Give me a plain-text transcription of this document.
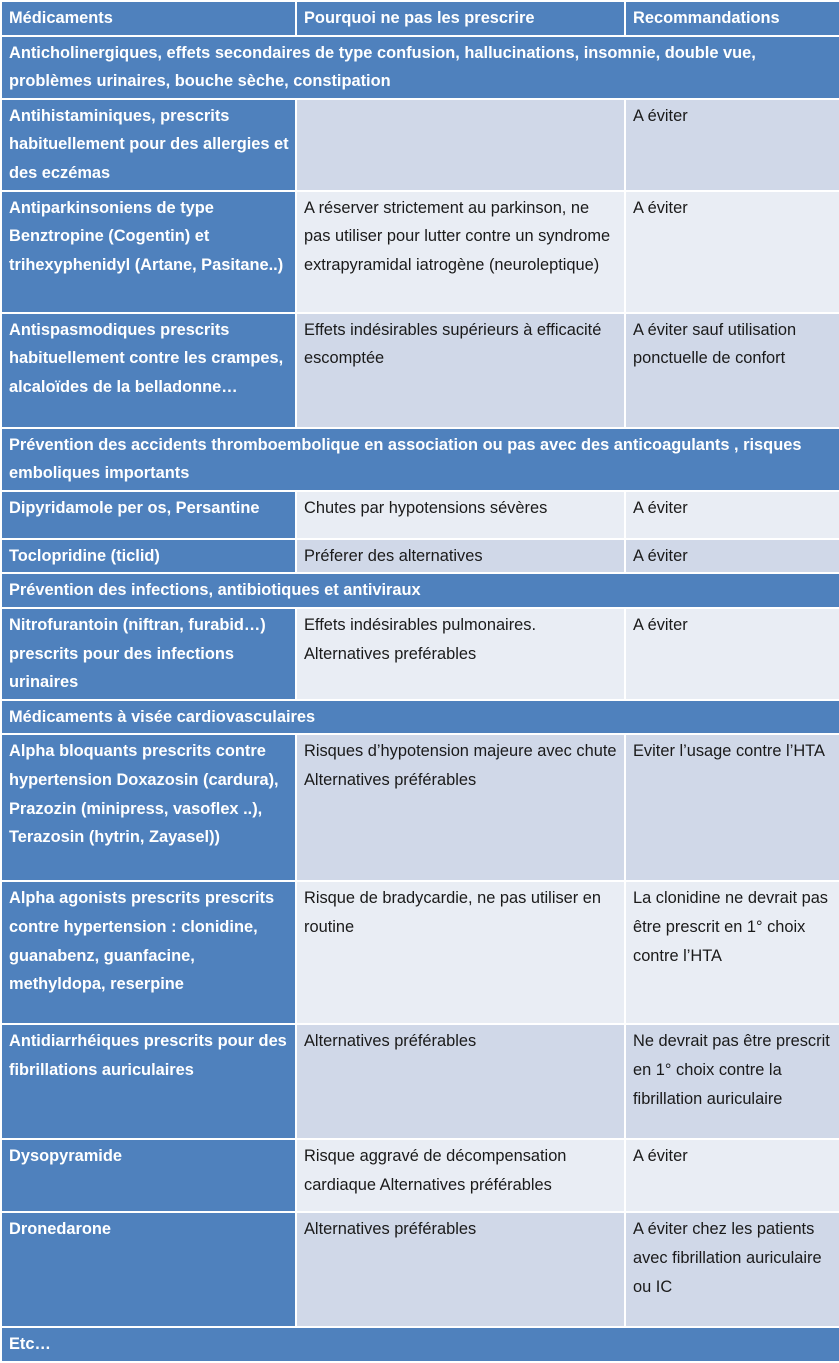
Médicaments	Pourquoi ne pas les prescrire	Recommandations
Anticholinergiques, effets secondaires de type confusion, hallucinations, insomnie, double vue, problèmes urinaires, bouche sèche, constipation		
Antihistaminiques, prescrits habituellement pour des allergies et des eczémas		A éviter
Antiparkinsoniens de type Benztropine (Cogentin) et trihexyphenidyl (Artane, Pasitane..)	A réserver strictement au parkinson, ne pas utiliser pour lutter contre un syndrome extrapyramidal iatrogène (neuroleptique)	A éviter
Antispasmodiques prescrits habituellement contre les crampes, alcaloïdes de la belladonne…	Effets indésirables supérieurs à efficacité escomptée	A éviter sauf utilisation ponctuelle de confort
Prévention des accidents thromboembolique en association ou pas avec des anticoagulants , risques emboliques importants		
Dipyridamole per os, Persantine	Chutes par hypotensions sévères	A éviter
Toclopridine (ticlid)	Préferer des alternatives	A éviter
Prévention des infections, antibiotiques et antiviraux		
Nitrofurantoin (niftran, furabid…) prescrits pour des infections urinaires	Effets indésirables pulmonaires. Alternatives preférables	A éviter
Médicaments à visée cardiovasculaires		
Alpha bloquants prescrits contre hypertension Doxazosin (cardura), Prazozin (minipress, vasoflex ..), Terazosin (hytrin, Zayasel))	Risques d’hypotension majeure avec chute Alternatives préférables	Eviter l’usage contre l’HTA
Alpha agonists prescrits prescrits contre hypertension : clonidine, guanabenz, guanfacine, methyldopa, reserpine	Risque de bradycardie, ne pas utiliser en routine	La clonidine ne devrait pas être prescrit en 1° choix contre l’HTA
Antidiarrhéiques prescrits pour des fibrillations auriculaires	Alternatives préférables	Ne devrait pas être prescrit en 1° choix contre la fibrillation auriculaire
Dysopyramide	Risque aggravé de décompensation cardiaque Alternatives préférables	A éviter
Dronedarone	Alternatives préférables	A éviter chez les patients avec fibrillation auriculaire ou IC
Etc…		
